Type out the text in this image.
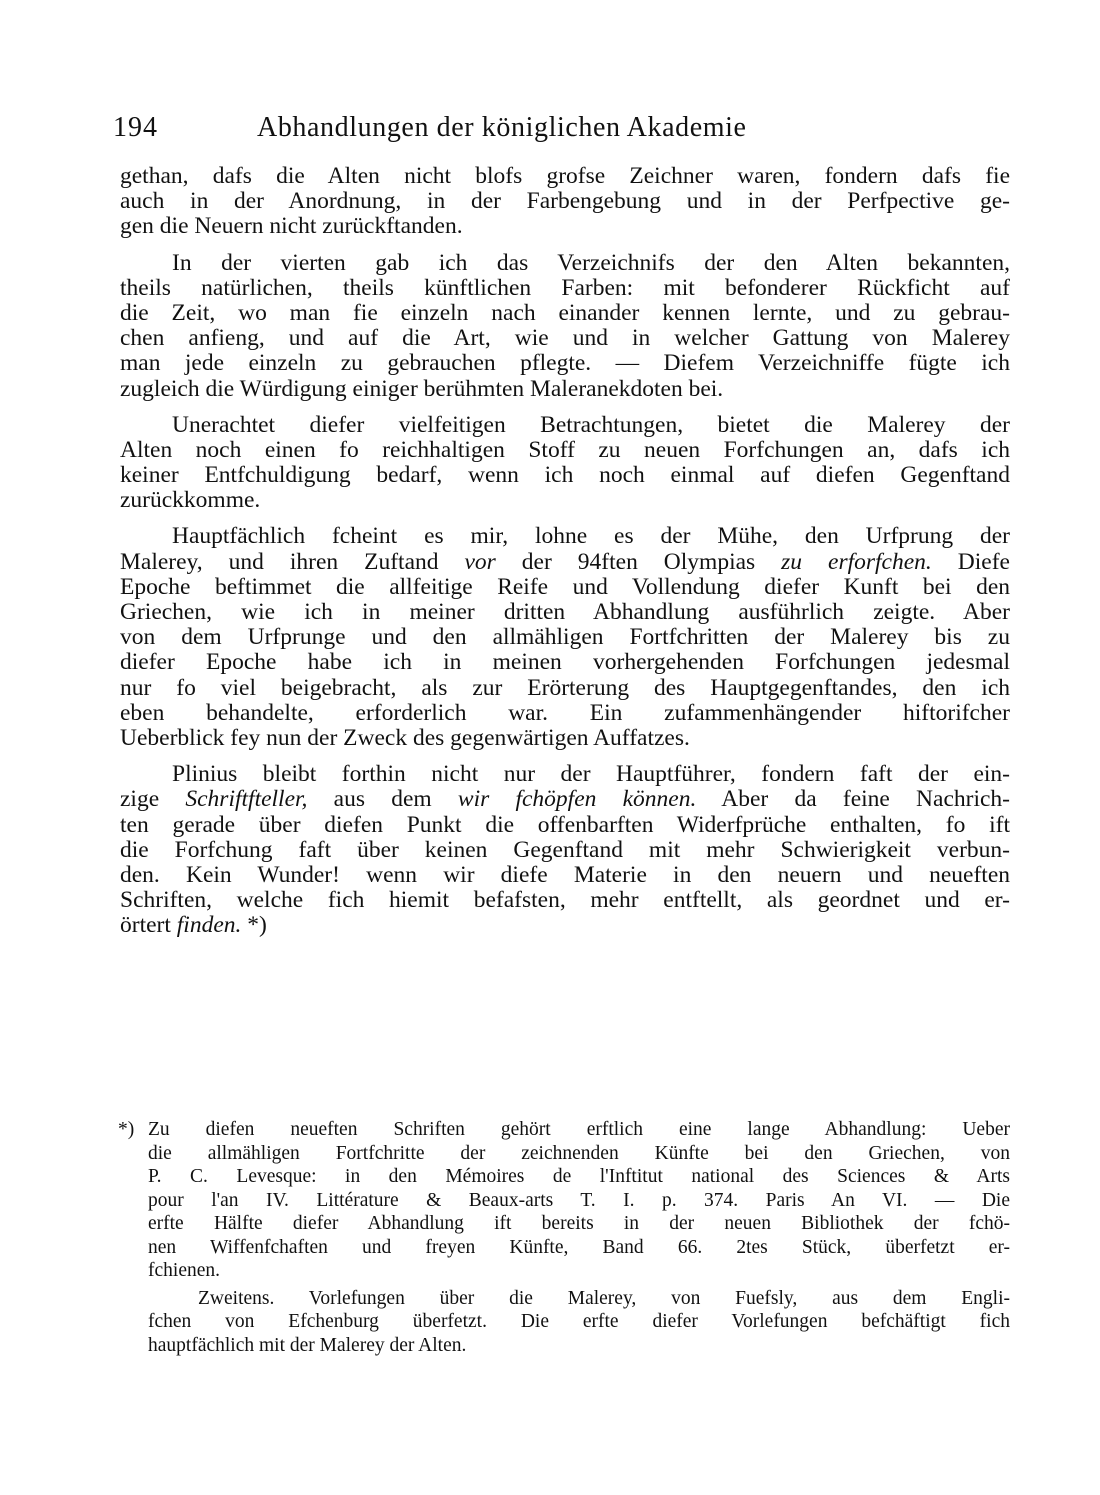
194	Abhandlungen der königlichen Akademie
gethan, dafs die Alten nicht blofs grofse Zeichner waren, fondern dafs fie
auch in der Anordnung, in der Farbengebung und in der Perfpective ge-
gen die Neuern nicht zurückftanden.
In der vierten gab ich das Verzeichnifs der den Alten bekannten,
theils natürlichen, theils künftlichen Farben: mit befonderer Rückficht auf
die Zeit, wo man fie einzeln nach einander kennen lernte, und zu gebrau-
chen anfieng, und auf die Art, wie und in welcher Gattung von Malerey
man jede einzeln zu gebrauchen pflegte. — Diefem Verzeichniffe fügte ich
zugleich die Würdigung einiger berühmten Maleranekdoten bei.
Unerachtet diefer vielfeitigen Betrachtungen, bietet die Malerey der
Alten noch einen fo reichhaltigen Stoff zu neuen Forfchungen an, dafs ich
keiner Entfchuldigung bedarf, wenn ich noch einmal auf diefen Gegenftand
zurückkomme.
Hauptfächlich fcheint es mir, lohne es der Mühe, den Urfprung der
Malerey, und ihren Zuftand vor der 94ften Olympias zu erforfchen. Diefe
Epoche beftimmet die allfeitige Reife und Vollendung diefer Kunft bei den
Griechen, wie ich in meiner dritten Abhandlung ausführlich zeigte. Aber
von dem Urfprunge und den allmähligen Fortfchritten der Malerey bis zu
diefer Epoche habe ich in meinen vorhergehenden Forfchungen jedesmal
nur fo viel beigebracht, als zur Erörterung des Hauptgegenftandes, den ich
eben behandelte, erforderlich war. Ein zufammenhängender hiftorifcher
Ueberblick fey nun der Zweck des gegenwärtigen Auffatzes.
Plinius bleibt forthin nicht nur der Hauptführer, fondern faft der ein-
zige Schriftfteller, aus dem wir fchöpfen können. Aber da feine Nachrich-
ten gerade über diefen Punkt die offenbarften Widerfprüche enthalten, fo ift
die Forfchung faft über keinen Gegenftand mit mehr Schwierigkeit verbun-
den. Kein Wunder! wenn wir diefe Materie in den neuern und neueften
Schriften, welche fich hiemit befafsten, mehr entftellt, als geordnet und er-
örtert finden. *)
*) Zu diefen neueften Schriften gehört erftlich eine lange Abhandlung: Ueber
die allmähligen Fortfchritte der zeichnenden Künfte bei den Griechen, von
P. C. Levesque: in den Mémoires de l'Inftitut national des Sciences & Arts
pour l'an IV. Littérature & Beaux-arts T. I. p. 374. Paris An VI. — Die
erfte Hälfte diefer Abhandlung ift bereits in der neuen Bibliothek der fchö-
nen Wiffenfchaften und freyen Künfte, Band 66. 2tes Stück, überfetzt er-
fchienen.
Zweitens. Vorlefungen über die Malerey, von Fuefsly, aus dem Engli-
fchen von Efchenburg überfetzt. Die erfte diefer Vorlefungen befchäftigt fich
hauptfächlich mit der Malerey der Alten.
